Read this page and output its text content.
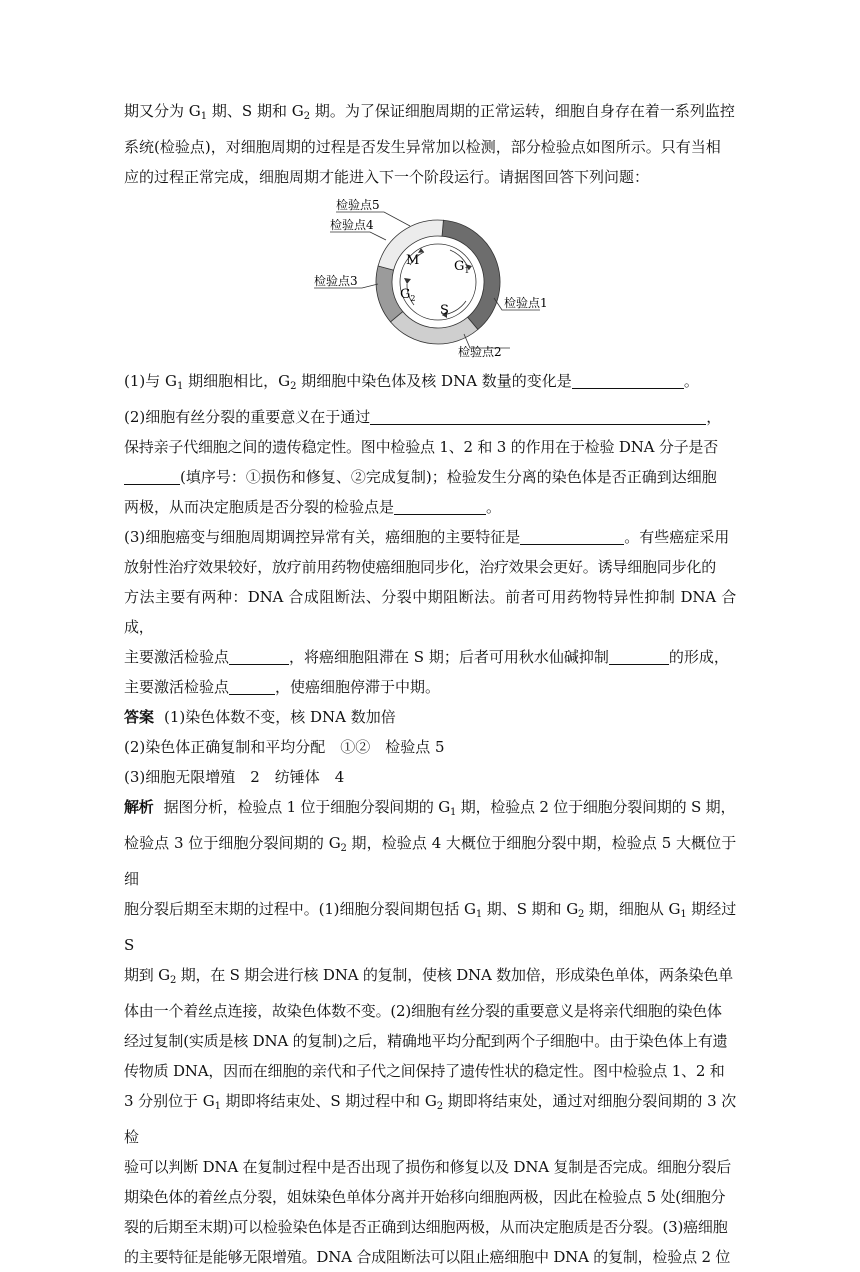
期又分为 $G_1$ 期、S 期和 $G_2$ 期。为了保证细胞周期的正常运转，细胞自身存在着一系列监控

系统(检验点)，对细胞周期的过程是否发生异常加以检测，部分检验点如图所示。只有当相

应的过程正常完成，细胞周期才能进入下一个阶段运行。请据图回答下列问题：

M	$G_1$
$G_2$
S
检验点5
检验点4
检验点3
检验点1
检验点2

(1)与 $G_1$ 期细胞相比，$G_2$ 期细胞中染色体及核 DNA 数量的变化是	。

(2)细胞有丝分裂的重要意义在于通过	，

保持亲子代细胞之间的遗传稳定性。图中检验点 1、2 和 3 的作用在于检验 DNA 分子是否

(填序号：①损伤和修复、②完成复制)；检验发生分离的染色体是否正确到达细胞

两极，从而决定胞质是否分裂的检验点是	。

(3)细胞癌变与细胞周期调控异常有关，癌细胞的主要特征是	。有些癌症采用

放射性治疗效果较好，放疗前用药物使癌细胞同步化，治疗效果会更好。诱导细胞同步化的

方法主要有两种：DNA 合成阻断法、分裂中期阻断法。前者可用药物特异性抑制 DNA 合成，

主要激活检验点	，将癌细胞阻滞在 S 期；后者可用秋水仙碱抑制	的形成，

主要激活检验点	，使癌细胞停滞于中期。

答案 (1)染色体数不变，核 DNA 数加倍

(2)染色体正确复制和平均分配　①②　检验点 5

(3)细胞无限增殖　2　纺锤体　4

解析 据图分析，检验点 1 位于细胞分裂间期的 $G_1$ 期，检验点 2 位于细胞分裂间期的 S 期，

检验点 3 位于细胞分裂间期的 $G_2$ 期，检验点 4 大概位于细胞分裂中期，检验点 5 大概位于细

胞分裂后期至末期的过程中。(1)细胞分裂间期包括 $G_1$ 期、S 期和 $G_2$ 期，细胞从 $G_1$ 期经过 S

期到 $G_2$ 期，在 S 期会进行核 DNA 的复制，使核 DNA 数加倍，形成染色单体，两条染色单

体由一个着丝点连接，故染色体数不变。(2)细胞有丝分裂的重要意义是将亲代细胞的染色体

经过复制(实质是核 DNA 的复制)之后，精确地平均分配到两个子细胞中。由于染色体上有遗

传物质 DNA，因而在细胞的亲代和子代之间保持了遗传性状的稳定性。图中检验点 1、2 和

3 分别位于 $G_1$ 期即将结束处、S 期过程中和 $G_2$ 期即将结束处，通过对细胞分裂间期的 3 次检

验可以判断 DNA 在复制过程中是否出现了损伤和修复以及 DNA 复制是否完成。细胞分裂后

期染色体的着丝点分裂，姐妹染色单体分离并开始移向细胞两极，因此在检验点 5 处(细胞分

裂的后期至末期)可以检验染色体是否正确到达细胞两极，从而决定胞质是否分裂。(3)癌细胞

的主要特征是能够无限增殖。DNA 合成阻断法可以阻止癌细胞中 DNA 的复制，检验点 2 位
